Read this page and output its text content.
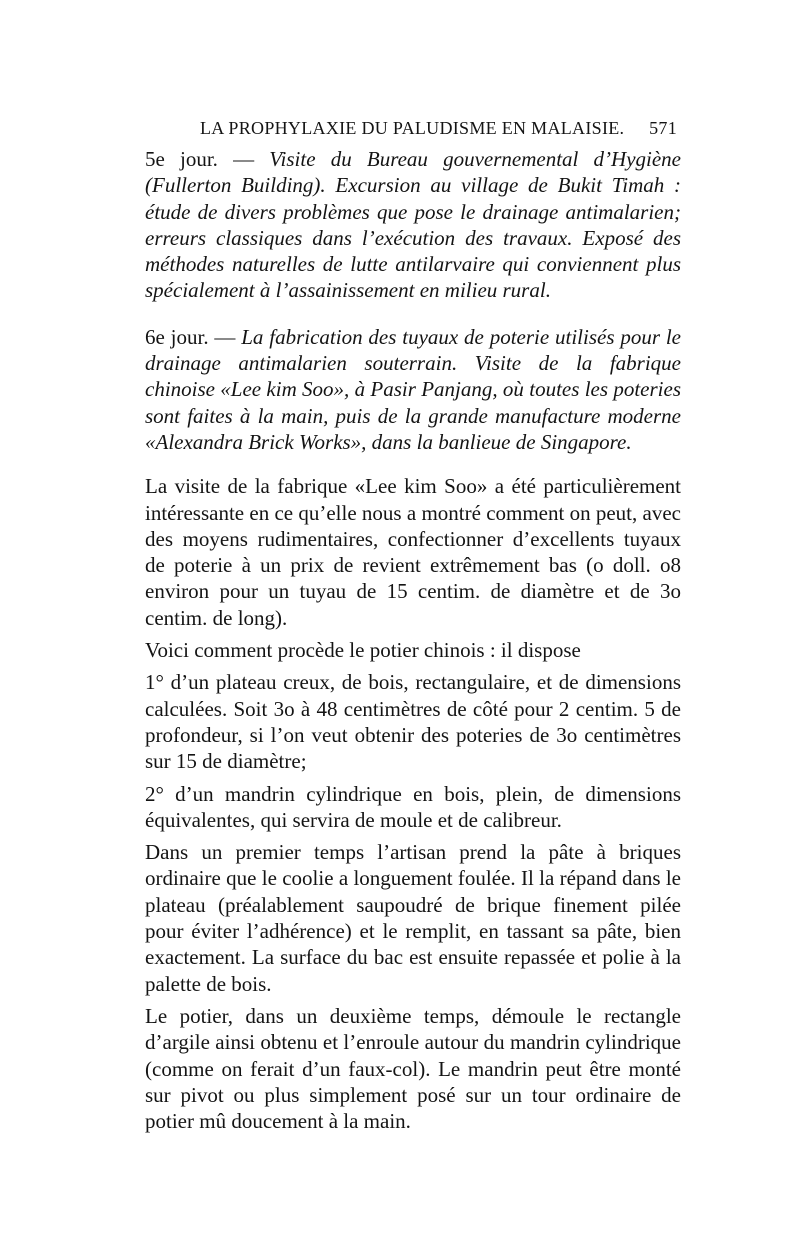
LA PROPHYLAXIE DU PALUDISME EN MALAISIE. 571

5e jour. — Visite du Bureau gouvernemental d’Hygiène (Fullerton Building). Excursion au village de Bukit Timah : étude de divers problèmes que pose le drainage antimalarien; erreurs classiques dans l’exécution des travaux. Exposé des méthodes naturelles de lutte antilarvaire qui conviennent plus spécialement à l’assainissement en milieu rural.

6e jour. — La fabrication des tuyaux de poterie utilisés pour le drainage antimalarien souterrain. Visite de la fabrique chinoise «Lee kim Soo», à Pasir Panjang, où toutes les poteries sont faites à la main, puis de la grande manufacture moderne «Alexandra Brick Works», dans la banlieue de Singapore.

La visite de la fabrique «Lee kim Soo» a été particulièrement intéressante en ce qu’elle nous a montré comment on peut, avec des moyens rudimentaires, confectionner d’excellents tuyaux de poterie à un prix de revient extrêmement bas (o doll. o8 environ pour un tuyau de 15 centim. de diamètre et de 3o centim. de long).

Voici comment procède le potier chinois : il dispose

1° d’un plateau creux, de bois, rectangulaire, et de dimensions calculées. Soit 3o à 48 centimètres de côté pour 2 centim. 5 de profondeur, si l’on veut obtenir des poteries de 3o centimètres sur 15 de diamètre;

2° d’un mandrin cylindrique en bois, plein, de dimensions équivalentes, qui servira de moule et de calibreur.

Dans un premier temps l’artisan prend la pâte à briques ordinaire que le coolie a longuement foulée. Il la répand dans le plateau (préalablement saupoudré de brique finement pilée pour éviter l’adhérence) et le remplit, en tassant sa pâte, bien exactement. La surface du bac est ensuite repassée et polie à la palette de bois.

Le potier, dans un deuxième temps, démoule le rectangle d’argile ainsi obtenu et l’enroule autour du mandrin cylindrique (comme on ferait d’un faux-col). Le mandrin peut être monté sur pivot ou plus simplement posé sur un tour ordinaire de potier mû doucement à la main.
